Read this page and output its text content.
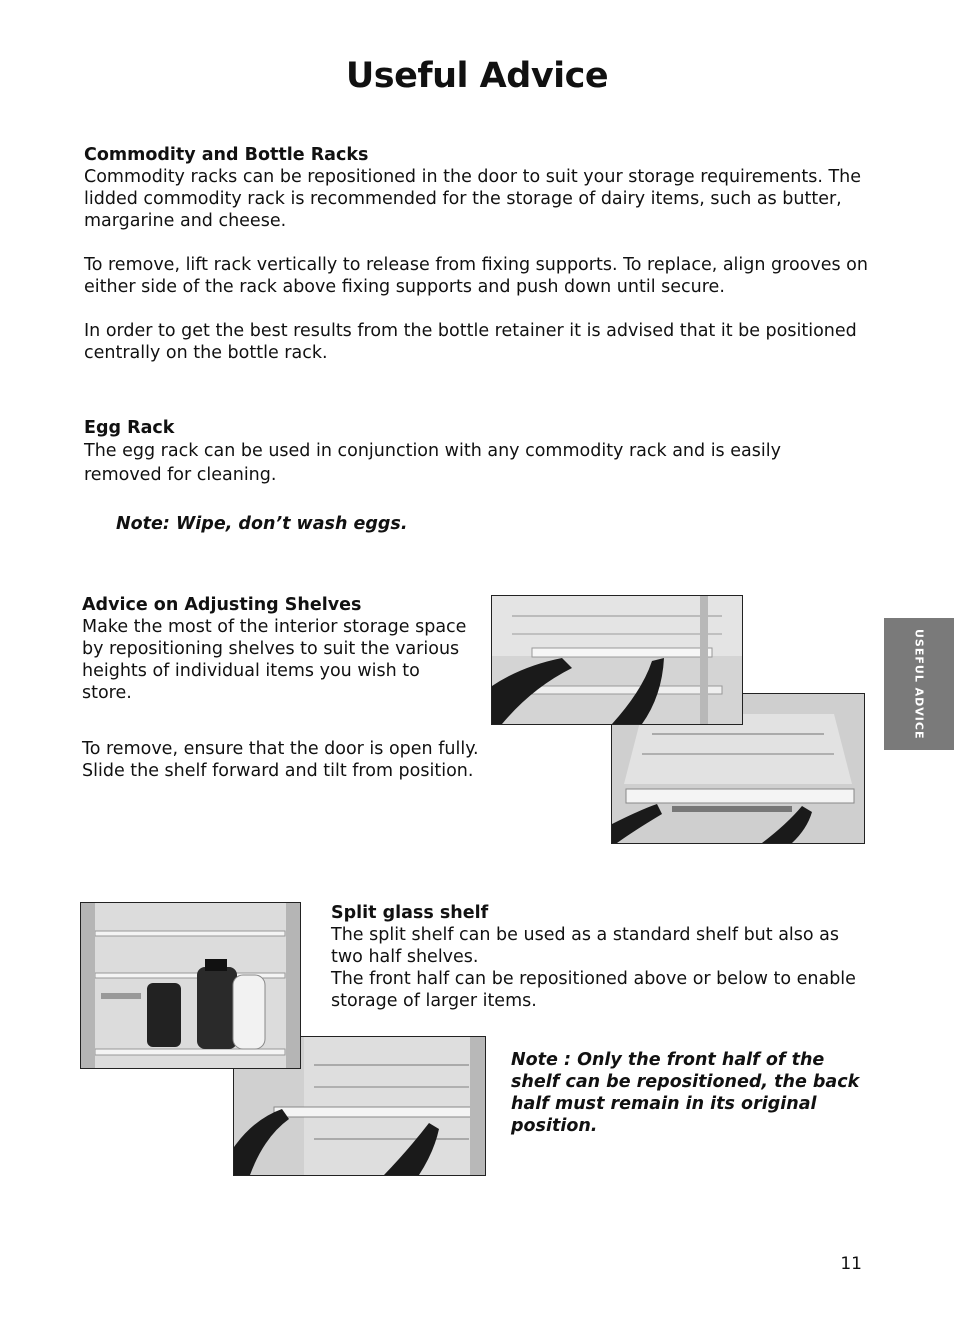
Useful Advice
Commodity and Bottle Racks

Commodity racks can be repositioned in the door to suit your storage requirements. The lidded commodity rack is recommended for the storage of dairy items, such as butter, margarine and cheese.

To remove, lift rack vertically to release from fixing supports. To replace, align grooves on either side of the rack above fixing supports and push down until secure.

In order to get the best results from the bottle retainer it is advised that it be positioned centrally on the bottle rack.

Egg Rack

The egg rack can be used in conjunction with any commodity rack and is easily removed for cleaning.

Note: Wipe, don’t wash eggs.

Advice on Adjusting Shelves

Make the most of the interior storage space by repositioning shelves to suit the various heights of individual items you wish to store.

To remove, ensure that the door is open fully. Slide the shelf forward and tilt from position.

USEFUL ADVICE
Split glass shelf

The split shelf can be used as a standard shelf but also as two half shelves.

The front half can be repositioned above or below to enable storage of larger items.

Note : Only the front half of the shelf can be repositioned, the back half must remain in its original position.

11
